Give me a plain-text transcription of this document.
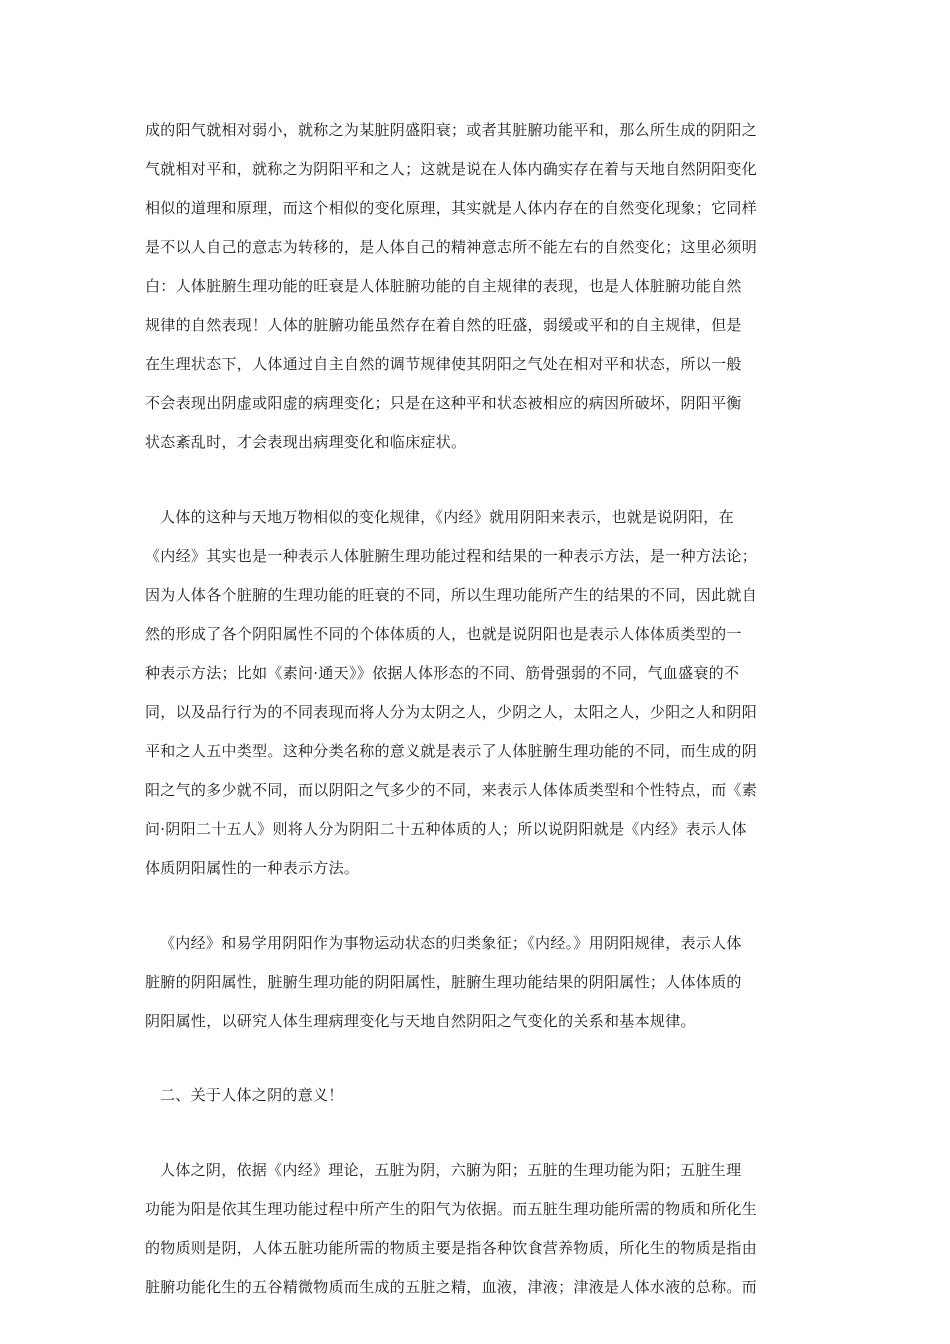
成的阳气就相对弱小，就称之为某脏阴盛阳衰；或者其脏腑功能平和，那么所生成的阴阳之
气就相对平和，就称之为阴阳平和之人；这就是说在人体内确实存在着与天地自然阴阳变化
相似的道理和原理，而这个相似的变化原理，其实就是人体内存在的自然变化现象；它同样
是不以人自己的意志为转移的，是人体自己的精神意志所不能左右的自然变化；这里必须明
白：人体脏腑生理功能的旺衰是人体脏腑功能的自主规律的表现，也是人体脏腑功能自然
规律的自然表现！人体的脏腑功能虽然存在着自然的旺盛，弱缓或平和的自主规律，但是
在生理状态下，人体通过自主自然的调节规律使其阴阳之气处在相对平和状态，所以一般
不会表现出阴虚或阳虚的病理变化；只是在这种平和状态被相应的病因所破坏，阴阳平衡
状态紊乱时，才会表现出病理变化和临床症状。
人体的这种与天地万物相似的变化规律，《内经》就用阴阳来表示，也就是说阴阳，在
《内经》其实也是一种表示人体脏腑生理功能过程和结果的一种表示方法，是一种方法论；
因为人体各个脏腑的生理功能的旺衰的不同，所以生理功能所产生的结果的不同，因此就自
然的形成了各个阴阳属性不同的个体体质的人，也就是说阴阳也是表示人体体质类型的一
种表示方法；比如《素问·通天》》依据人体形态的不同、筋骨强弱的不同，气血盛衰的不
同，以及品行行为的不同表现而将人分为太阴之人，少阴之人，太阳之人，少阳之人和阴阳
平和之人五中类型。这种分类名称的意义就是表示了人体脏腑生理功能的不同，而生成的阴
阳之气的多少就不同，而以阴阳之气多少的不同，来表示人体体质类型和个性特点，而《素
问·阴阳二十五人》则将人分为阴阳二十五种体质的人；所以说阴阳就是《内经》表示人体
体质阴阳属性的一种表示方法。
《内经》和易学用阴阳作为事物运动状态的归类象征；《内经。》用阴阳规律，表示人体
脏腑的阴阳属性，脏腑生理功能的阴阳属性，脏腑生理功能结果的阴阳属性；人体体质的
阴阳属性，以研究人体生理病理变化与天地自然阴阳之气变化的关系和基本规律。
二、关于人体之阴的意义！
人体之阴，依据《内经》理论，五脏为阴，六腑为阳；五脏的生理功能为阳；五脏生理
功能为阳是依其生理功能过程中所产生的阳气为依据。而五脏生理功能所需的物质和所化生
的物质则是阴，人体五脏功能所需的物质主要是指各种饮食营养物质，所化生的物质是指由
脏腑功能化生的五谷精微物质而生成的五脏之精，血液，津液；津液是人体水液的总称。而
